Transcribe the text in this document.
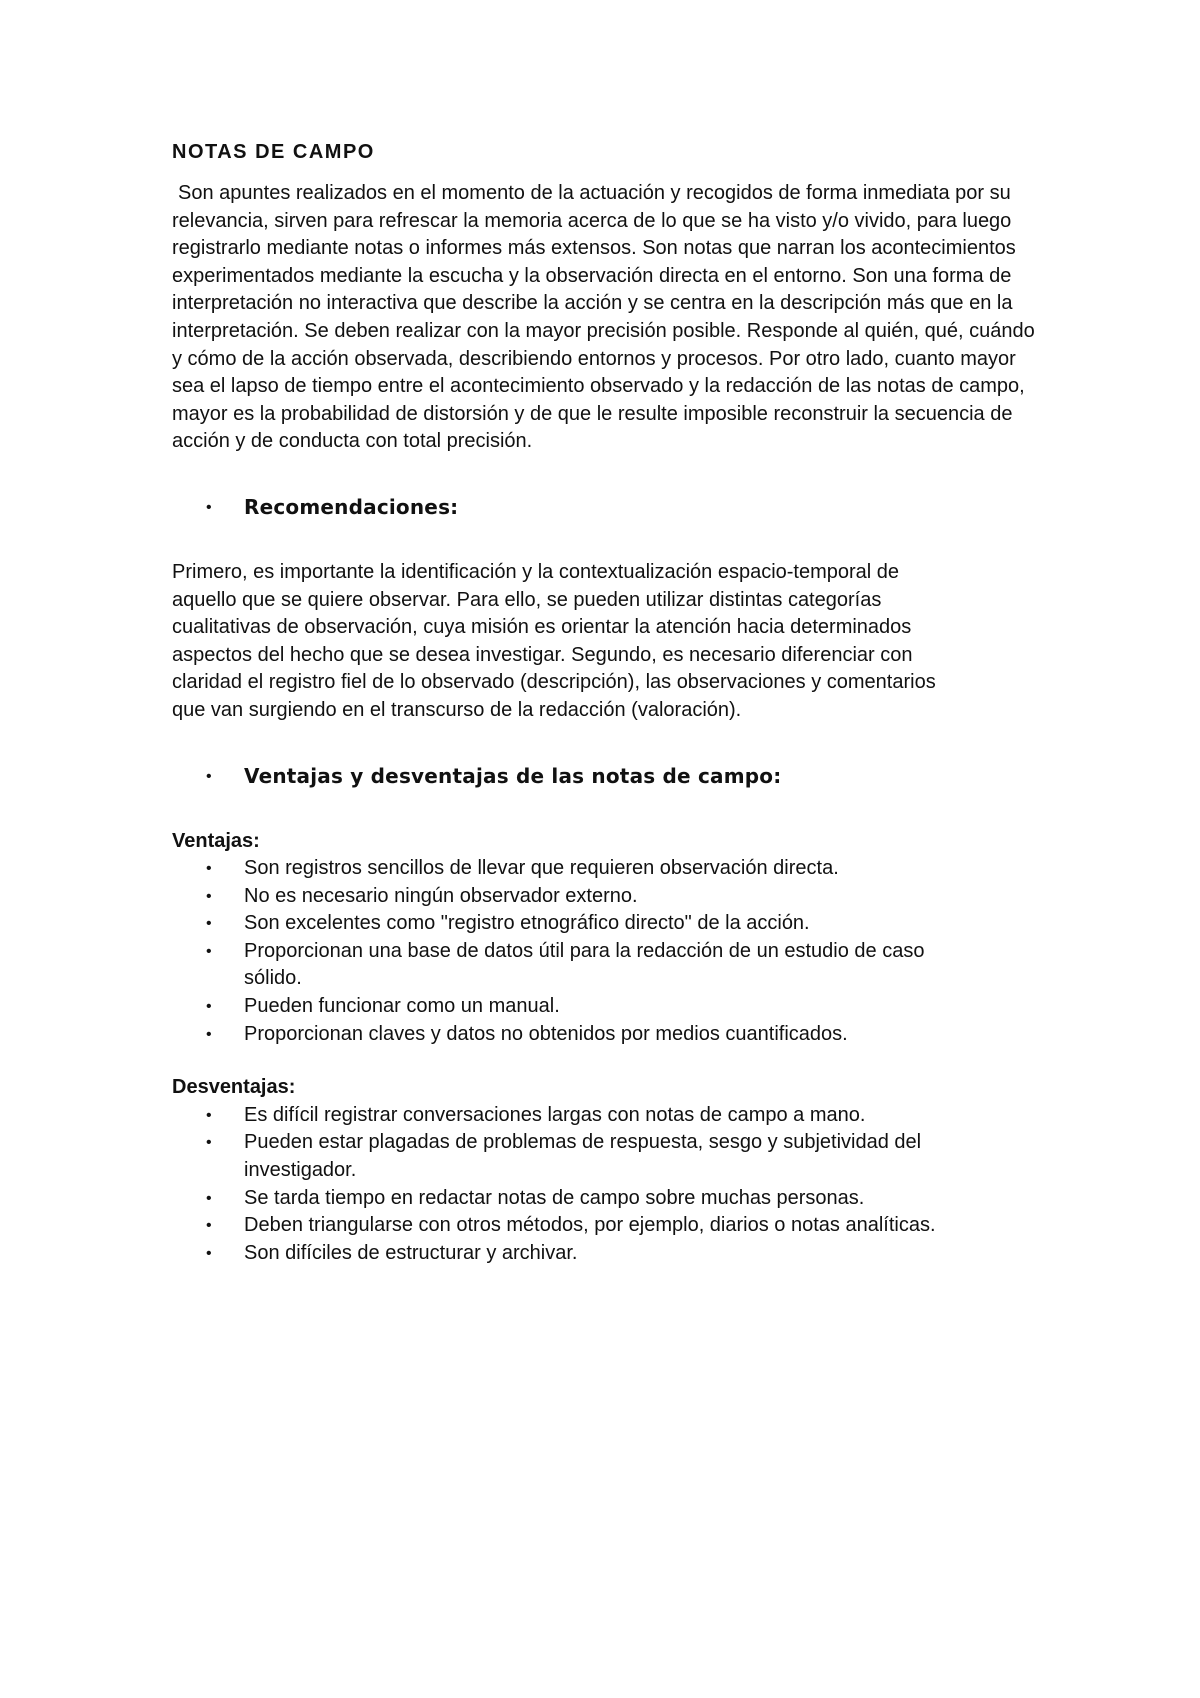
NOTAS DE CAMPO

Son apuntes realizados en el momento de la actuación y recogidos de forma inmediata por su relevancia, sirven para refrescar la memoria acerca de lo que se ha visto y/o vivido, para luego registrarlo mediante notas o informes más extensos. Son notas que narran los acontecimientos experimentados mediante la escucha y la observación directa en el entorno. Son una forma de interpretación no interactiva que describe la acción y se centra en la descripción más que en la interpretación. Se deben realizar con la mayor precisión posible. Responde al quién, qué, cuándo y cómo de la acción observada, describiendo entornos y procesos. Por otro lado, cuanto mayor sea el lapso de tiempo entre el acontecimiento observado y la redacción de las notas de campo, mayor es la probabilidad de distorsión y de que le resulte imposible reconstruir la secuencia de acción y de conducta con total precisión.

•	Recomendaciones:

Primero, es importante la identificación y la contextualización espacio-temporal de aquello que se quiere observar. Para ello, se pueden utilizar distintas categorías cualitativas de observación, cuya misión es orientar la atención hacia determinados aspectos del hecho que se desea investigar. Segundo, es necesario diferenciar con claridad el registro fiel de lo observado (descripción), las observaciones y comentarios que van surgiendo en el transcurso de la redacción (valoración).

•	Ventajas y desventajas de las notas de campo:

Ventajas:

•	Son registros sencillos de llevar que requieren observación directa.
•	No es necesario ningún observador externo.
•	Son excelentes como "registro etnográfico directo" de la acción.
•	Proporcionan una base de datos útil para la redacción de un estudio de caso sólido.
•	Pueden funcionar como un manual.
•	Proporcionan claves y datos no obtenidos por medios cuantificados.

Desventajas:

•	Es difícil registrar conversaciones largas con notas de campo a mano.
•	Pueden estar plagadas de problemas de respuesta, sesgo y subjetividad del investigador.
•	Se tarda tiempo en redactar notas de campo sobre muchas personas.
•	Deben triangularse con otros métodos, por ejemplo, diarios o notas analíticas.
•	Son difíciles de estructurar y archivar.
